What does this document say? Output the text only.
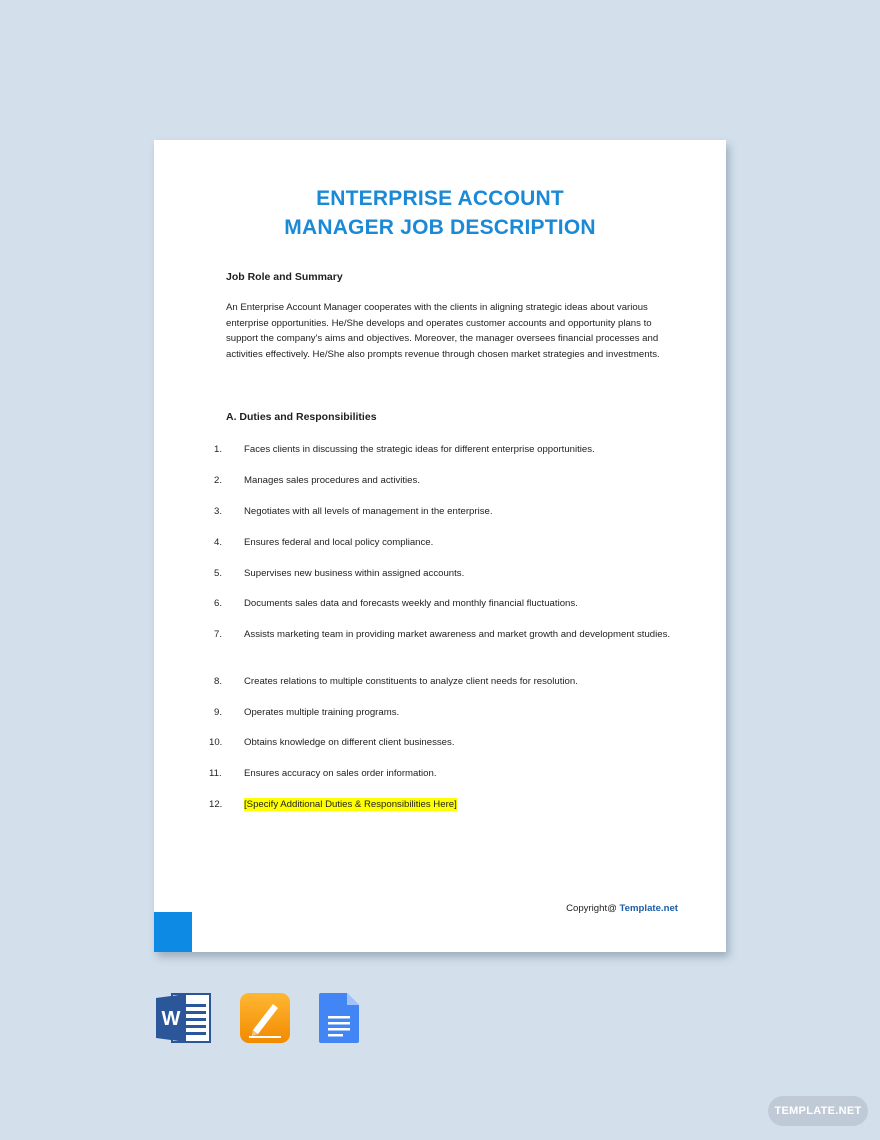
ENTERPRISE ACCOUNT
MANAGER JOB DESCRIPTION
Job Role and Summary
An Enterprise Account Manager cooperates with the clients in aligning strategic ideas about various enterprise opportunities. He/She develops and operates customer accounts and opportunity plans to support the company's aims and objectives. Moreover, the manager oversees financial processes and activities effectively. He/She also prompts revenue through chosen market strategies and investments.
A. Duties and Responsibilities
1.	Faces clients in discussing the strategic ideas for different enterprise opportunities.
2.	Manages sales procedures and activities.
3.	Negotiates with all levels of management in the enterprise.
4.	Ensures federal and local policy compliance.
5.	Supervises new business within assigned accounts.
6.	Documents sales data and forecasts weekly and monthly financial fluctuations.
7.	Assists marketing team in providing market awareness and market growth and development studies.
8.	Creates relations to multiple constituents to analyze client needs for resolution.
9.	Operates multiple training programs.
10.	Obtains knowledge on different client businesses.
11.	Ensures accuracy on sales order information.
12.	[Specify Additional Duties & Responsibilities Here]
Copyright@ Template.net
W
TEMPLATE.NET
